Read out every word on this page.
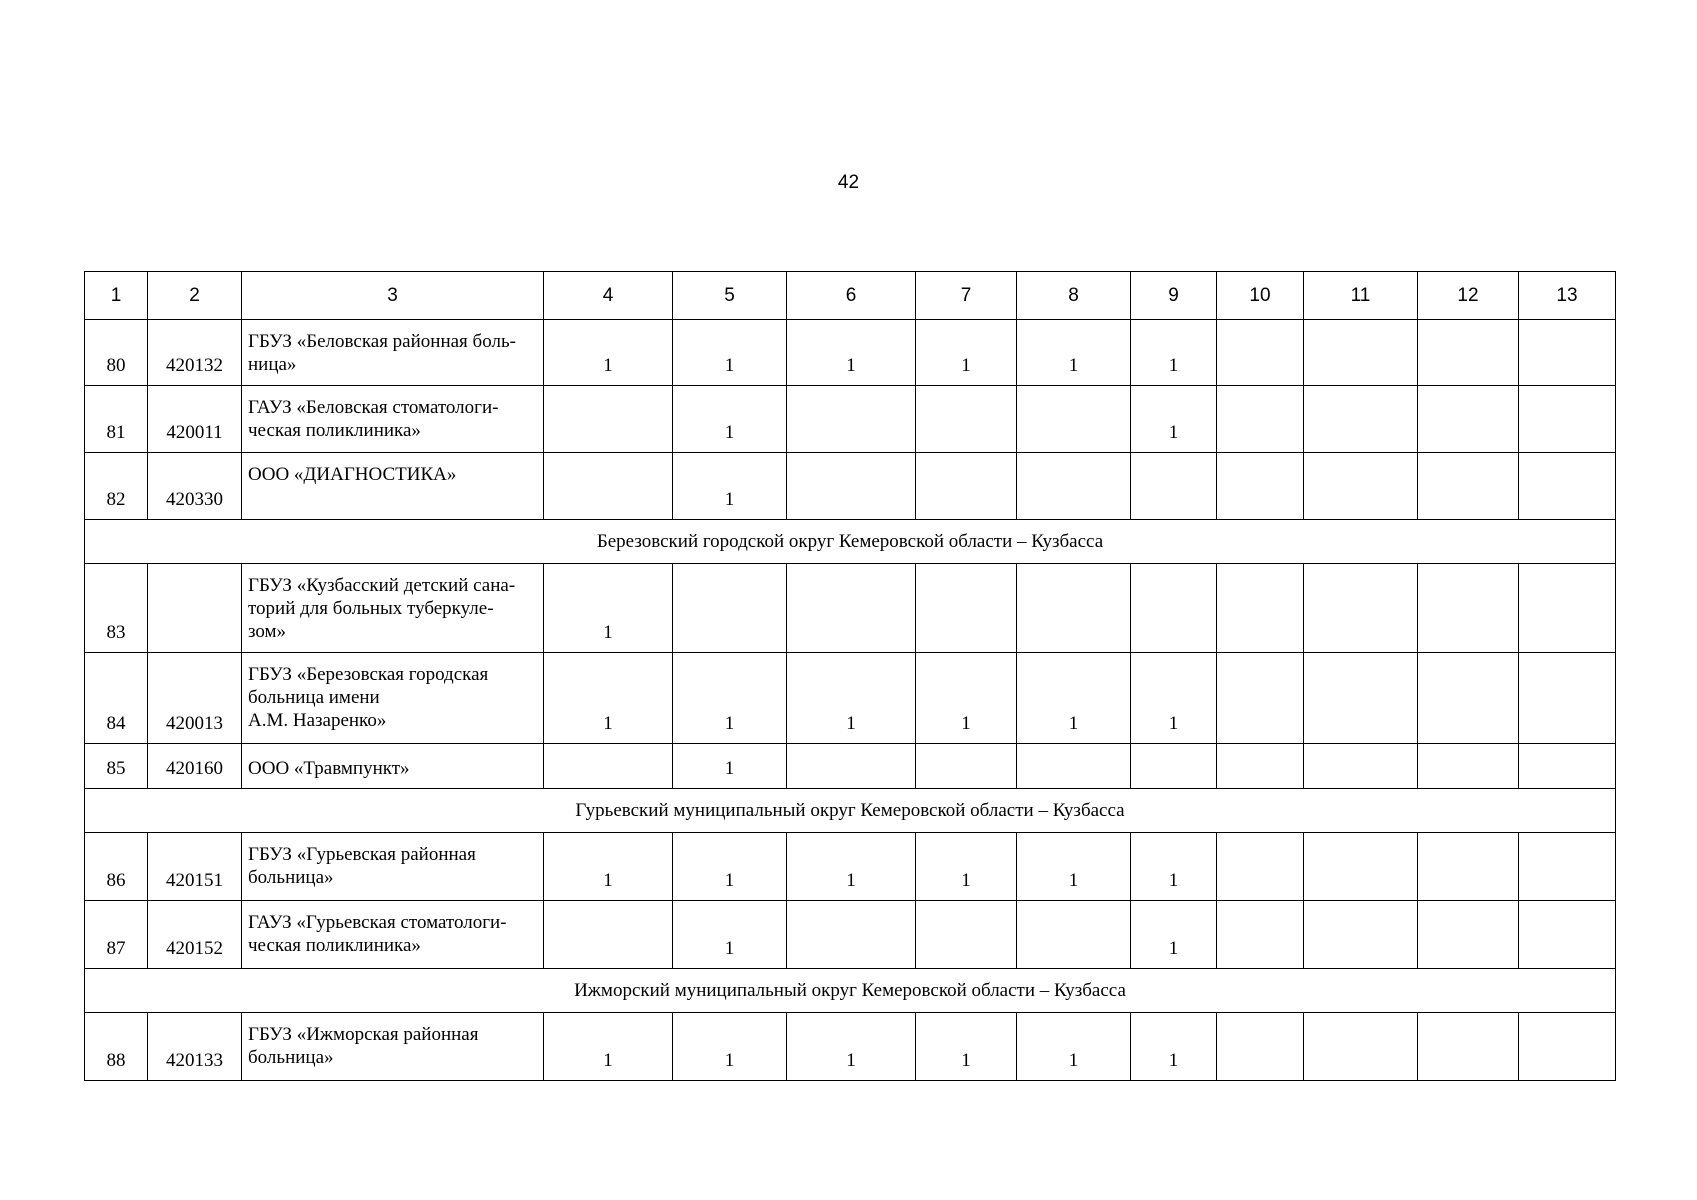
42
1	2	3	4	5	6	7	8	9	10	11	12	13
80	420132	ГБУЗ «Беловская районная боль-
ница»	1	1	1	1	1	1				
81	420011	ГАУЗ «Беловская стоматологи-
ческая поликлиника»		1				1				
82	420330	ООО «ДИАГНОСТИКА»		1								
Березовский городской округ Кемеровской области – Кузбасса												
83		ГБУЗ «Кузбасский детский сана-
торий для больных туберкуле-
зом»	1									
84	420013	ГБУЗ «Березовская городская
больница имени
А.М. Назаренко»	1	1	1	1	1	1				
85	420160	ООО «Травмпункт»		1								
Гурьевский муниципальный округ Кемеровской области – Кузбасса												
86	420151	ГБУЗ «Гурьевская районная
больница»	1	1	1	1	1	1				
87	420152	ГАУЗ «Гурьевская стоматологи-
ческая поликлиника»		1				1				
Ижморский муниципальный округ Кемеровской области – Кузбасса												
88	420133	ГБУЗ «Ижморская районная
больница»	1	1	1	1	1	1				
